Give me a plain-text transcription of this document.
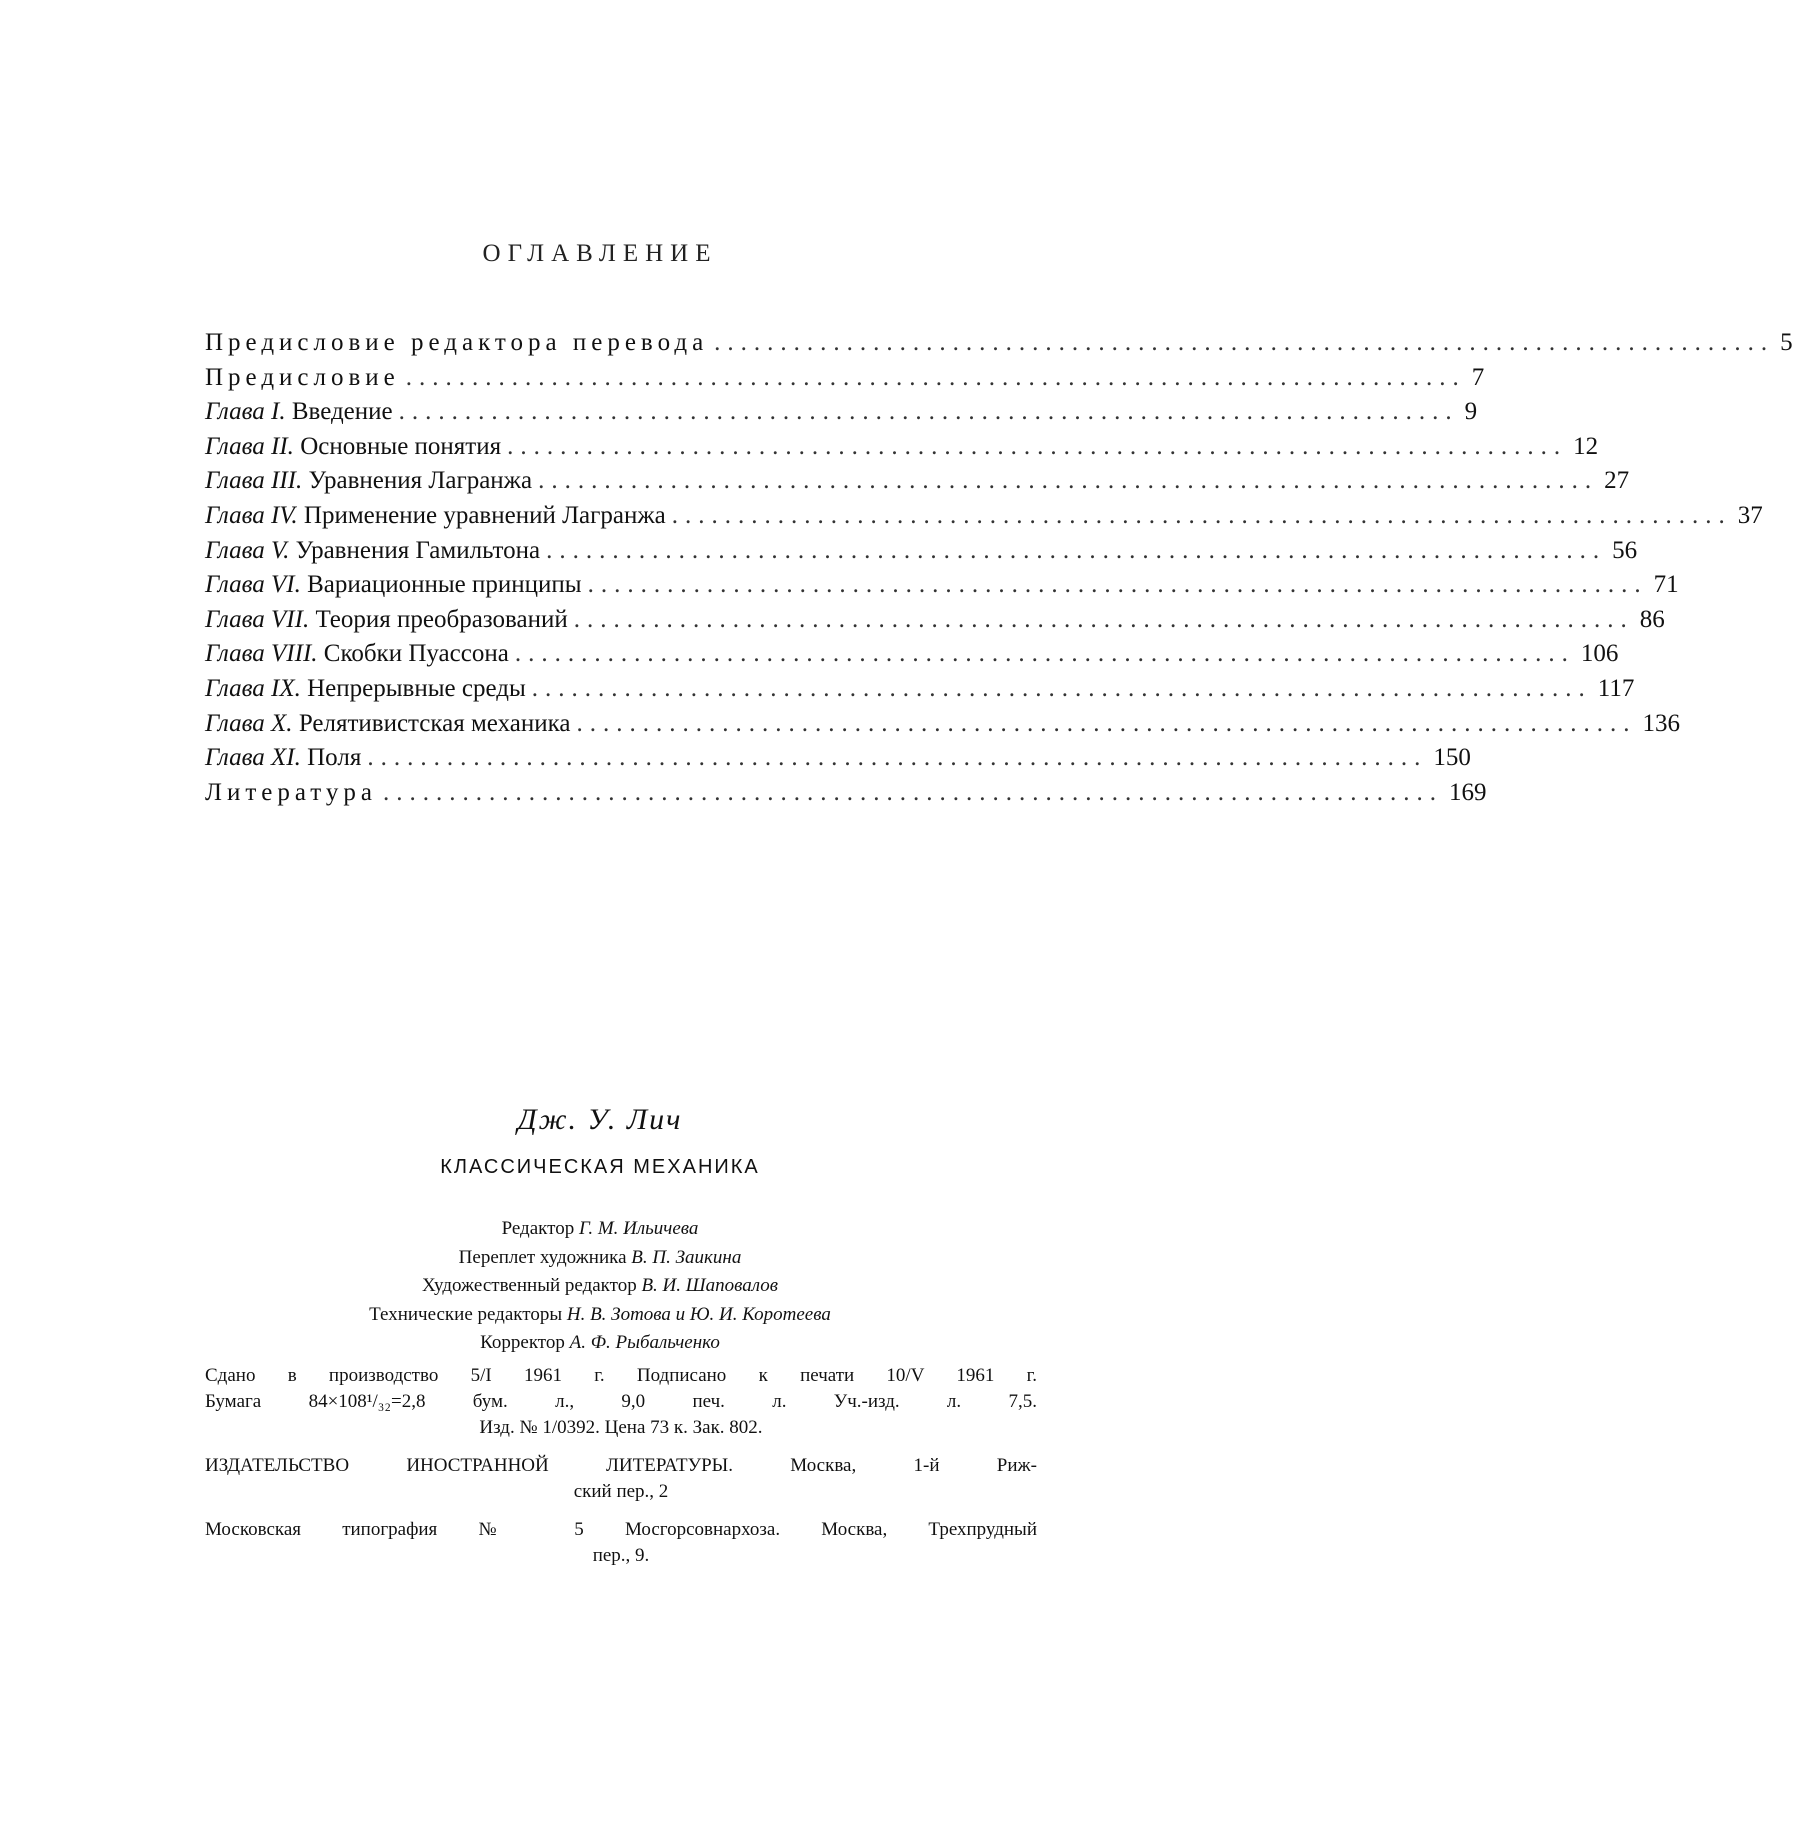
ОГЛАВЛЕНИЕ
Предисловие редактора перевода ................................................................................ 5
Предисловие ................................................................................ 7
Глава I. Введение ................................................................................ 9
Глава II. Основные понятия ................................................................................ 12
Глава III. Уравнения Лагранжа ................................................................................ 27
Глава IV. Применение уравнений Лагранжа ................................................................................ 37
Глава V. Уравнения Гамильтона ................................................................................ 56
Глава VI. Вариационные принципы ................................................................................ 71
Глава VII. Теория преобразований ................................................................................ 86
Глава VIII. Скобки Пуассона ................................................................................ 106
Глава IX. Непрерывные среды ................................................................................ 117
Глава X. Релятивистская механика ................................................................................ 136
Глава XI. Поля ................................................................................ 150
Литература ................................................................................ 169
Дж. У. Лич
КЛАССИЧЕСКАЯ МЕХАНИКА
Редактор Г. М. Ильичева
Переплет художника В. П. Заикина
Художественный редактор В. И. Шаповалов
Технические редакторы Н. В. Зотова и Ю. И. Коротеева
Корректор А. Ф. Рыбальченко
Сдано в производство 5/I 1961 г. Подписано к печати 10/V 1961 г.
Бумага 84×108¹/₃₂=2,8 бум. л., 9,0 печ. л. Уч.-изд. л. 7,5.
Изд. № 1/0392. Цена 73 к. Зак. 802.
ИЗДАТЕЛЬСТВО ИНОСТРАННОЙ ЛИТЕРАТУРЫ. Москва, 1-й Риж-
ский пер., 2
Московская типография № 5 Мосгорсовнархоза. Москва, Трехпрудный
пер., 9.
